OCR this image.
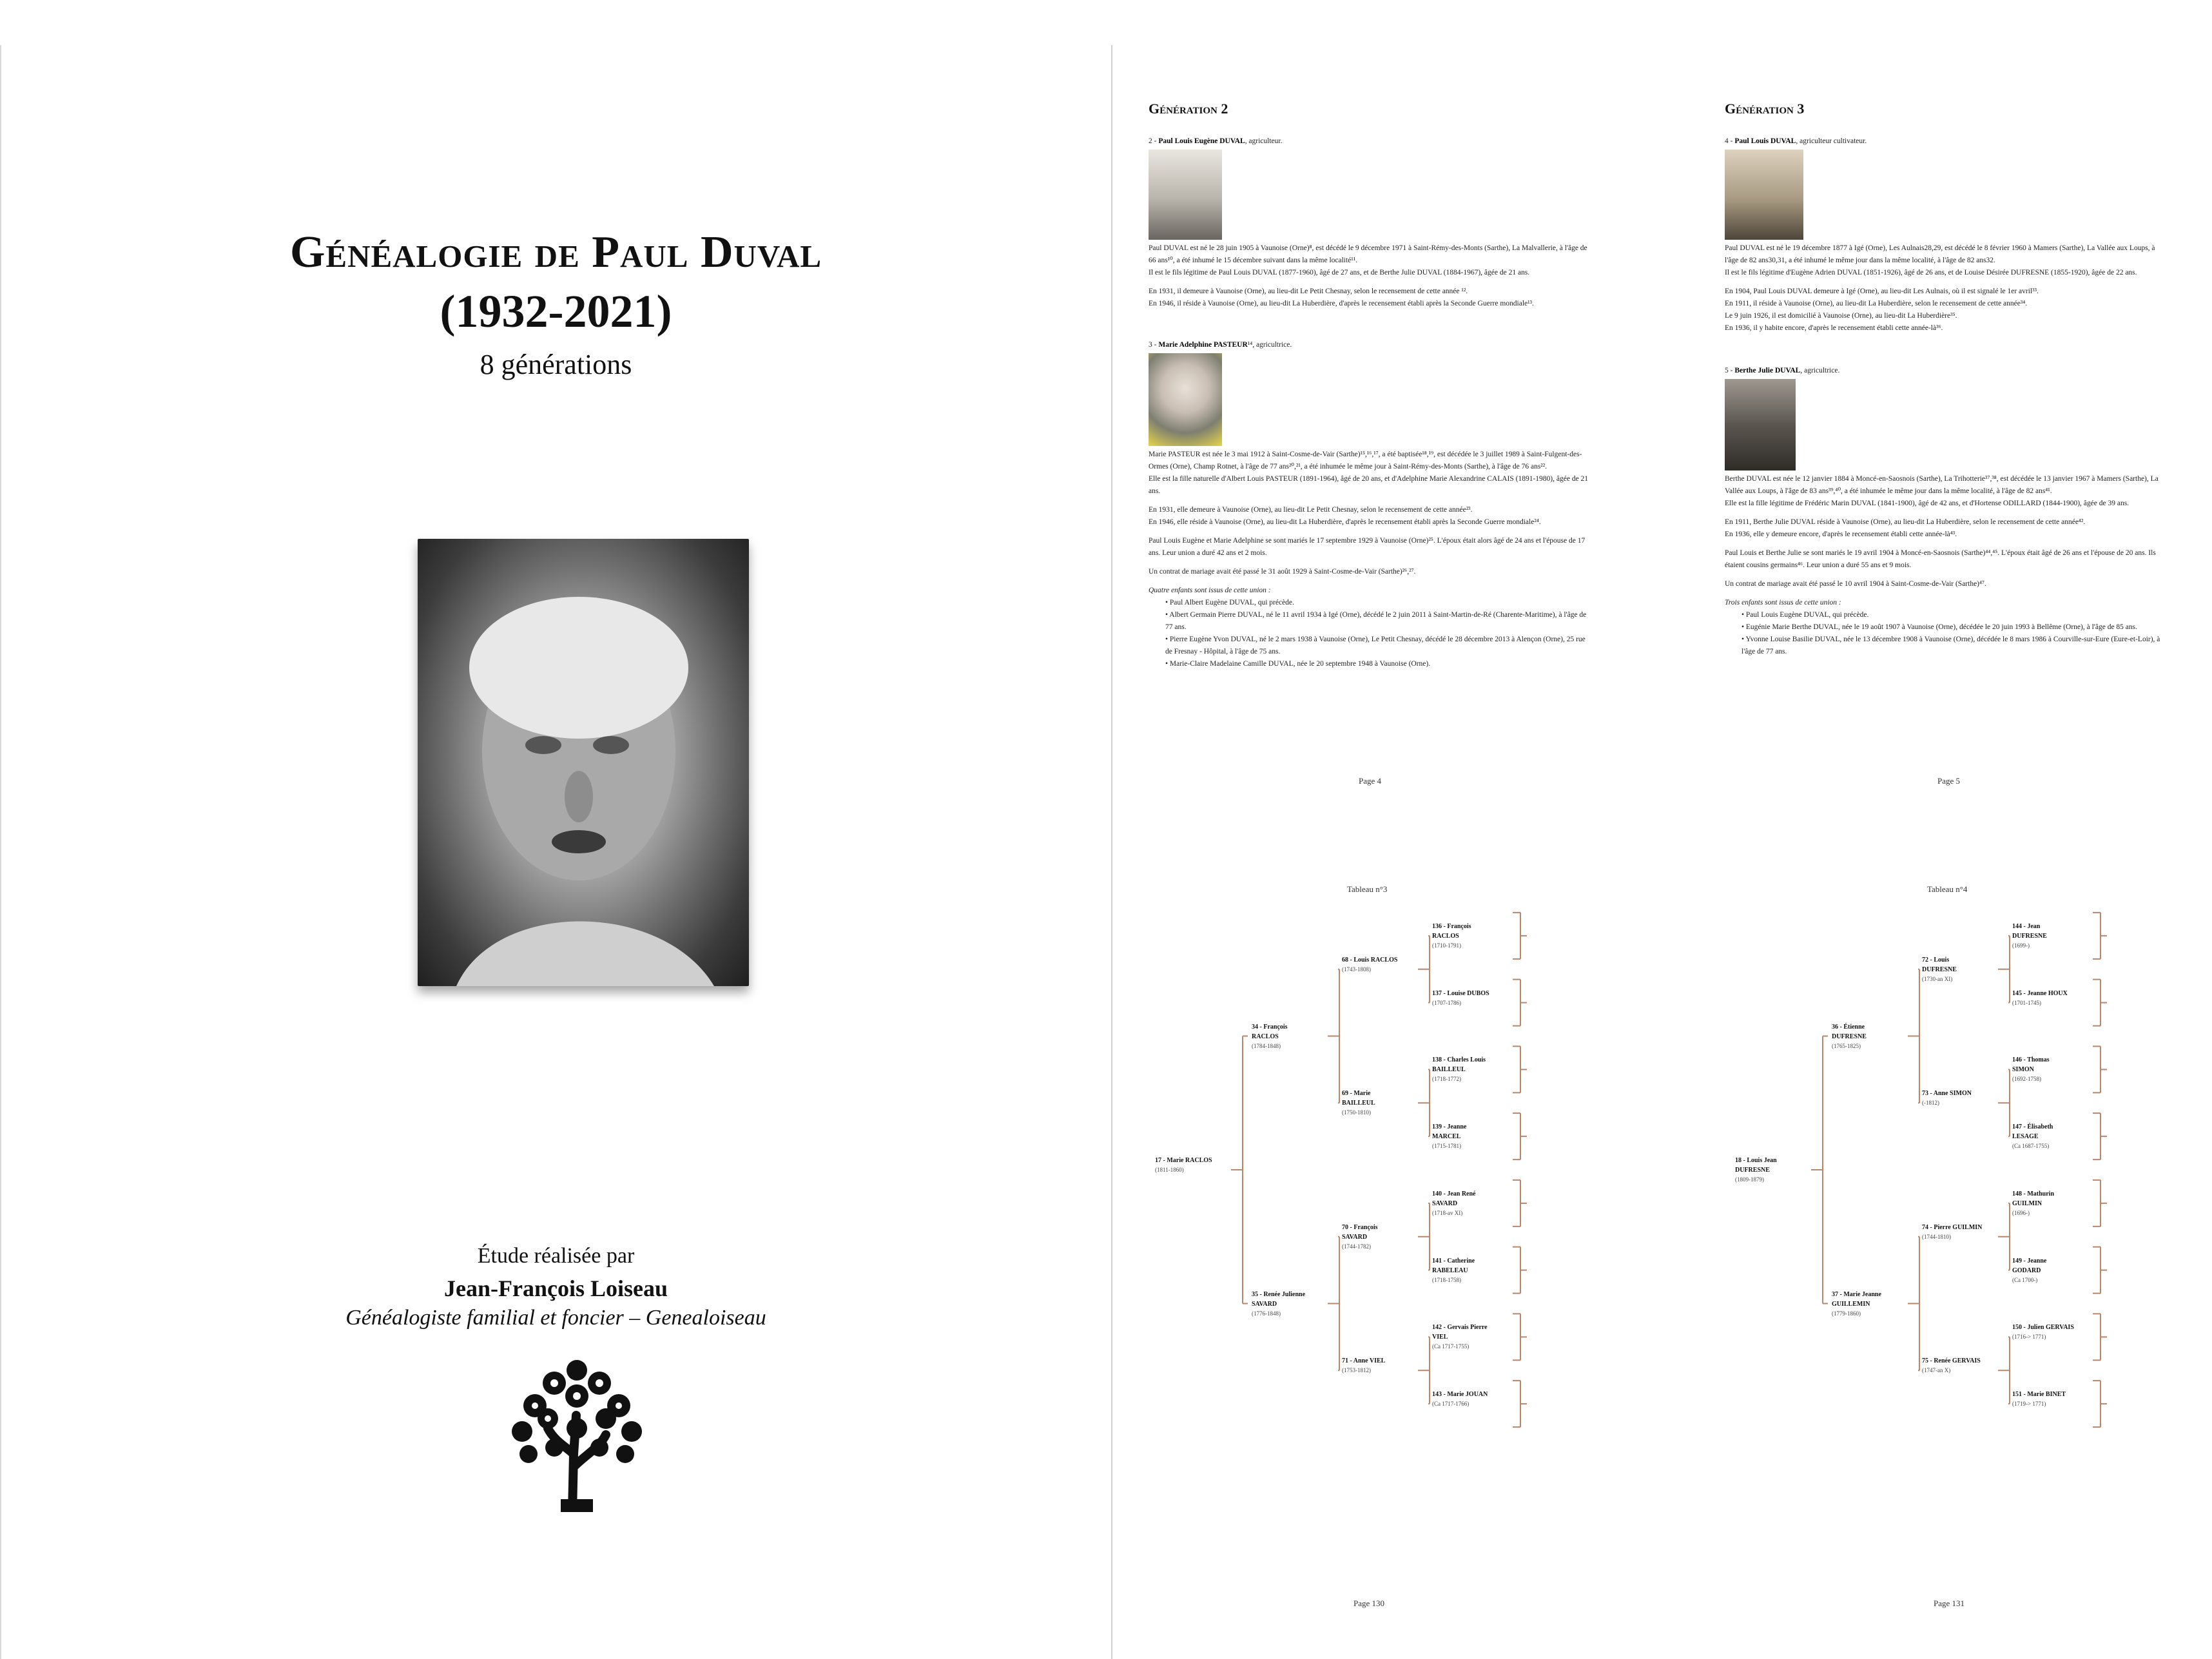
Généalogie de Paul Duval
(1932-2021)
8 générations
Étude réalisée par
Jean-François Loiseau
Généalogiste familial et foncier – Genealoiseau
Génération 2
2 - Paul Louis Eugène DUVAL, agriculteur.
Paul DUVAL est né le 28 juin 1905 à Vaunoise (Orne)⁸, est décédé le 9 décembre 1971 à Saint-Rémy-des-Monts (Sarthe), La Malvallerie, à l'âge de 66 ans¹⁰, a été inhumé le 15 décembre suivant dans la même localité¹¹.
Il est le fils légitime de Paul Louis DUVAL (1877-1960), âgé de 27 ans, et de Berthe Julie DUVAL (1884-1967), âgée de 21 ans.
En 1931, il demeure à Vaunoise (Orne), au lieu-dit Le Petit Chesnay, selon le recensement de cette année ¹².
En 1946, il réside à Vaunoise (Orne), au lieu-dit La Huberdière, d'après le recensement établi après la Seconde Guerre mondiale¹³.
3 - Marie Adelphine PASTEUR¹⁴, agricultrice.
Marie PASTEUR est née le 3 mai 1912 à Saint-Cosme-de-Vair (Sarthe)¹⁵,¹⁶,¹⁷, a été baptisée¹⁸,¹⁹, est décédée le 3 juillet 1989 à Saint-Fulgent-des-Ormes (Orne), Champ Rotnet, à l'âge de 77 ans²⁰,²¹, a été inhumée le même jour à Saint-Rémy-des-Monts (Sarthe), à l'âge de 76 ans²².
Elle est la fille naturelle d'Albert Louis PASTEUR (1891-1964), âgé de 20 ans, et d'Adelphine Marie Alexandrine CALAIS (1891-1980), âgée de 21 ans.
En 1931, elle demeure à Vaunoise (Orne), au lieu-dit Le Petit Chesnay, selon le recensement de cette année²³.
En 1946, elle réside à Vaunoise (Orne), au lieu-dit La Huberdière, d'après le recensement établi après la Seconde Guerre mondiale²⁴.
Paul Louis Eugène et Marie Adelphine se sont mariés le 17 septembre 1929 à Vaunoise (Orne)²⁵. L'époux était alors âgé de 24 ans et l'épouse de 17 ans. Leur union a duré 42 ans et 2 mois.
Un contrat de mariage avait été passé le 31 août 1929 à Saint-Cosme-de-Vair (Sarthe)²⁶,²⁷.
Quatre enfants sont issus de cette union :
• Paul Albert Eugène DUVAL, qui précède.
• Albert Germain Pierre DUVAL, né le 11 avril 1934 à Igé (Orne), décédé le 2 juin 2011 à Saint-Martin-de-Ré (Charente-Maritime), à l'âge de 77 ans.
• Pierre Eugène Yvon DUVAL, né le 2 mars 1938 à Vaunoise (Orne), Le Petit Chesnay, décédé le 28 décembre 2013 à Alençon (Orne), 25 rue de Fresnay - Hôpital, à l'âge de 75 ans.
• Marie-Claire Madelaine Camille DUVAL, née le 20 septembre 1948 à Vaunoise (Orne).
Page 4
Génération 3
4 - Paul Louis DUVAL, agriculteur cultivateur.
Paul DUVAL est né le 19 décembre 1877 à Igé (Orne), Les Aulnais28,29, est décédé le 8 février 1960 à Mamers (Sarthe), La Vallée aux Loups, à l'âge de 82 ans30,31, a été inhumé le même jour dans la même localité, à l'âge de 82 ans32.
Il est le fils légitime d'Eugène Adrien DUVAL (1851-1926), âgé de 26 ans, et de Louise Désirée DUFRESNE (1855-1920), âgée de 22 ans.
En 1904, Paul Louis DUVAL demeure à Igé (Orne), au lieu-dit Les Aulnais, où il est signalé le 1er avril³³.
En 1911, il réside à Vaunoise (Orne), au lieu-dit La Huberdière, selon le recensement de cette année³⁴.
Le 9 juin 1926, il est domicilié à Vaunoise (Orne), au lieu-dit La Huberdière³⁵.
En 1936, il y habite encore, d'après le recensement établi cette année-là³⁶.
5 - Berthe Julie DUVAL, agricultrice.
Berthe DUVAL est née le 12 janvier 1884 à Moncé-en-Saosnois (Sarthe), La Trihotterie³⁷,³⁸, est décédée le 13 janvier 1967 à Mamers (Sarthe), La Vallée aux Loups, à l'âge de 83 ans³⁹,⁴⁰, a été inhumée le même jour dans la même localité, à l'âge de 82 ans⁴¹.
Elle est la fille légitime de Frédéric Marin DUVAL (1841-1900), âgé de 42 ans, et d'Hortense ODILLARD (1844-1900), âgée de 39 ans.
En 1911, Berthe Julie DUVAL réside à Vaunoise (Orne), au lieu-dit La Huberdière, selon le recensement de cette année⁴².
En 1936, elle y demeure encore, d'après le recensement établi cette année-là⁴³.
Paul Louis et Berthe Julie se sont mariés le 19 avril 1904 à Moncé-en-Saosnois (Sarthe)⁴⁴,⁴⁵. L'époux était âgé de 26 ans et l'épouse de 20 ans. Ils étaient cousins germains⁴⁶. Leur union a duré 55 ans et 9 mois.
Un contrat de mariage avait été passé le 10 avril 1904 à Saint-Cosme-de-Vair (Sarthe)⁴⁷.
Trois enfants sont issus de cette union :
• Paul Louis Eugène DUVAL, qui précède.
• Eugénie Marie Berthe DUVAL, née le 19 août 1907 à Vaunoise (Orne), décédée le 20 juin 1993 à Bellême (Orne), à l'âge de 85 ans.
• Yvonne Louise Basilie DUVAL, née le 13 décembre 1908 à Vaunoise (Orne), décédée le 8 mars 1986 à Courville-sur-Eure (Eure-et-Loir), à l'âge de 77 ans.
Page 5
Tableau n°3
17 - Marie RACLOS
(1811-1860)
34 - François
RACLOS
(1784-1848)
35 - Renée Julienne
SAVARD
(1776-1848)
68 - Louis RACLOS
(1743-1808)
69 - Marie
BAILLEUL
(1750-1810)
70 - François
SAVARD
(1744-1782)
71 - Anne VIEL
(1753-1812)
136 - François
RACLOS
(1710-1791)
137 - Louise DUBOS
(1707-1786)
138 - Charles Louis
BAILLEUL
(1718-1772)
139 - Jeanne
MARCEL
(1715-1781)
140 - Jean René
SAVARD
(1718-av XI)
141 - Catherine
RABELEAU
(1718-1758)
142 - Gervais Pierre
VIEL
(Ca 1717-1755)
143 - Marie JOUAN
(Ca 1717-1766)
Page 130
Tableau n°4
18 - Louis Jean
DUFRESNE
(1809-1879)
36 - Étienne
DUFRESNE
(1765-1825)
37 - Marie Jeanne
GUILLEMIN
(1779-1860)
72 - Louis
DUFRESNE
(1730-an XI)
73 - Anne SIMON
(-1812)
74 - Pierre GUILMIN
(1744-1810)
75 - Renée GERVAIS
(1747-an X)
144 - Jean
DUFRESNE
(1699-)
145 - Jeanne HOUX
(1701-1745)
146 - Thomas
SIMON
(1692-1758)
147 - Élisabeth
LESAGE
(Ca 1687-1755)
148 - Mathurin
GUILMIN
(1696-)
149 - Jeanne
GODARD
(Ca 1700-)
150 - Julien GERVAIS
(1716-> 1771)
151 - Marie BINET
(1719-> 1771)
Page 131
